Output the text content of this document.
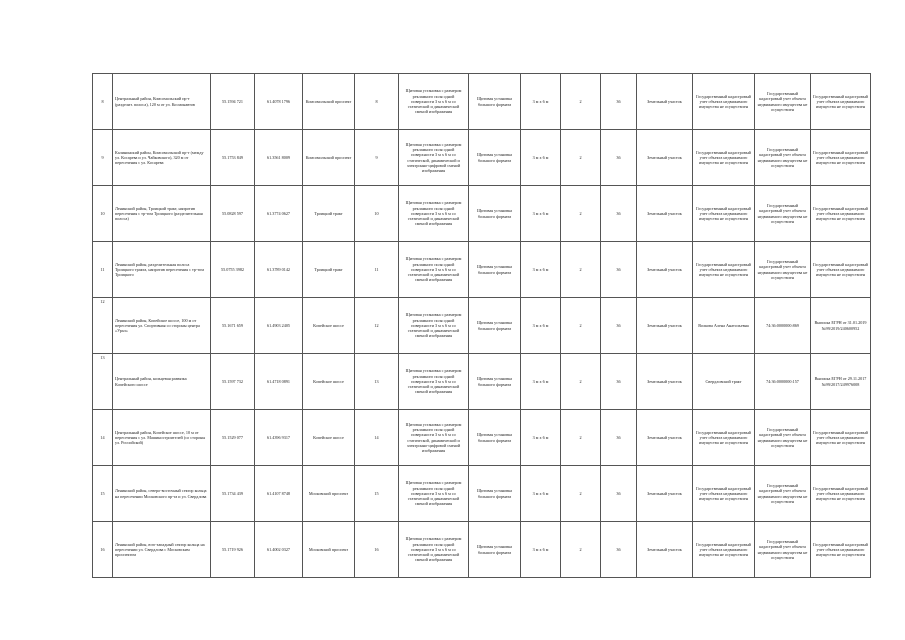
8	Центральный район, Комсомольский пр-т (разделит. полоса), 120 м от ул. Космонавтов	55.1594 721	61.4078 1796	Комсомольский проспект	8	Щитовая установка с размером рекламного поля одной поверхности 3 м x 6 м со статической и динамической сменой изображения	Щитовая установка большого формата	3 м x 6 м	2	36	Земельный участок	Государственный кадастровый учет объекта недвижимого имущества не осуществлен	Государственный кадастровый учет объекта недвижимого имущества не осуществлен	Государственный кадастровый учет объекта недвижимого имущества не осуществлен
9	Калининский район, Комсомольский пр-т (между ул. Косарева и ул. Чайковского), 320 м от пересечения с ул. Косарева	55.1753 849	61.3561 8009	Комсомольский проспект	9	Щитовая установка с размером рекламного поля одной поверхности 3 м x 6 м со статической, динамической и электронно-цифровой сменой изображения	Щитовая установка большого формата	3 м x 6 м	2	36	Земельный участок	Государственный кадастровый учет объекта недвижимого имущества не осуществлен	Государственный кадастровый учет объекта недвижимого имущества не осуществлен	Государственный кадастровый учет объекта недвижимого имущества не осуществлен
10	Ленинский район, Троицкий тракт, напротив пересечения с тр-том Троицкого (разделительная полоса)	55.0828 597	61.3774 0627	Троицкий тракт	10	Щитовая установка с размером рекламного поля одной поверхности 3 м x 6 м со статической и динамической сменой изображения	Щитовая установка большого формата	3 м x 6 м	2	36	Земельный участок	Государственный кадастровый учет объекта недвижимого имущества не осуществлен	Государственный кадастровый учет объекта недвижимого имущества не осуществлен	Государственный кадастровый учет объекта недвижимого имущества не осуществлен
11	Ленинский район, разделительная полоса Троицкого тракта, напротив пересечения с тр-том Троицкого	55.0755 3982	61.3789 0142	Троицкий тракт	11	Щитовая установка с размером рекламного поля одной поверхности 3 м x 6 м со статической и динамической сменой изображения	Щитовая установка большого формата	3 м x 6 м	2	36	Земельный участок	Государственный кадастровый учет объекта недвижимого имущества не осуществлен	Государственный кадастровый учет объекта недвижимого имущества не осуществлен	Государственный кадастровый учет объекта недвижимого имущества не осуществлен
12	Ленинский район, Копейское шоссе, 100 м от пересечения ул. Спортивная со стороны центра «Урал»	55.1671 659	61.4903 2405	Копейское шоссе	12	Щитовая установка с размером рекламного поля одной поверхности 3 м x 6 м со статической и динамической сменой изображения	Щитовая установка большого формата	3 м x 6 м	2	36	Земельный участок	Волкова Алена Анатольевна	74:36:0000000:869	Выписка ЕГРН от 31.01.2019 №99/2019/240600952
13	Центральный район, кольцевая развязка Копейского шоссе	55.1597 732	61.4718 0891	Копейское шоссе	13	Щитовая установка с размером рекламного поля одной поверхности 3 м x 6 м со статической и динамической сменой изображения	Щитовая установка большого формата	3 м x 6 м	2	36	Земельный участок	Свердловский тракт	74:36:0000000:157	Выписка ЕГРН от 29.11.2017 №99/2017/249976008
14	Центральный район, Копейское шоссе, 10 м от пересечения с ул. Машиностроителей (со стороны ул. Российской)	55.1529 077	61.4396 9317	Копейское шоссе	14	Щитовая установка с размером рекламного поля одной поверхности 3 м x 6 м со статической, динамической и электронно-цифровой сменой изображения	Щитовая установка большого формата	3 м x 6 м	2	36	Земельный участок	Государственный кадастровый учет объекта недвижимого имущества не осуществлен	Государственный кадастровый учет объекта недвижимого имущества не осуществлен	Государственный кадастровый учет объекта недвижимого имущества не осуществлен
15	Ленинский район, северо-восточный сектор кольца на пересечении Московского пр-та и ул. Свердлова	55.1734 439	61.4107 8748	Московский проспект	15	Щитовая установка с размером рекламного поля одной поверхности 3 м x 6 м со статической и динамической сменой изображения	Щитовая установка большого формата	3 м x 6 м	2	36	Земельный участок	Государственный кадастровый учет объекта недвижимого имущества не осуществлен	Государственный кадастровый учет объекта недвижимого имущества не осуществлен	Государственный кадастровый учет объекта недвижимого имущества не осуществлен
16	Ленинский район, юго-западный сектор кольца на пересечении ул. Свердлова с Московским проспектом	55.1719 926	61.4002 0327	Московский проспект	16	Щитовая установка с размером рекламного поля одной поверхности 3 м x 6 м со статической и динамической сменой изображения	Щитовая установка большого формата	3 м x 6 м	2	36	Земельный участок	Государственный кадастровый учет объекта недвижимого имущества не осуществлен	Государственный кадастровый учет объекта недвижимого имущества не осуществлен	Государственный кадастровый учет объекта недвижимого имущества не осуществлен
